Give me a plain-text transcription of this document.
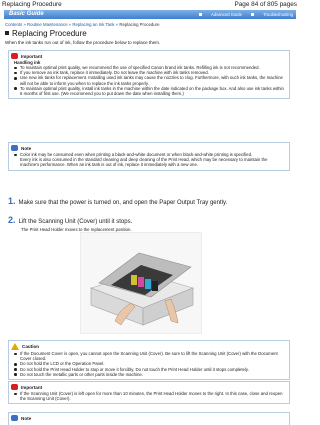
Replacing Procedure	Page 84 of 805 pages
Basic Guide	Advanced Guide	Troubleshooting
Contents » Routine Maintenance » Replacing an Ink Tank » Replacing Procedure
Replacing Procedure
When the ink tanks run out of ink, follow the procedure below to replace them.
Important
Handling ink
To maintain optimal print quality, we recommend the use of specified Canon brand ink tanks. Refilling ink is not recommended.
If you remove an ink tank, replace it immediately. Do not leave the machine with ink tanks removed.
Use new ink tanks for replacement. Installing used ink tanks may cause the nozzles to clog. Furthermore, with such ink tanks, the machine will not be able to inform you when to replace the ink tanks properly.
To maintain optimal print quality, install ink tanks in the machine within the date indicated on the package box. And also use ink tanks within 6 months of first use. (We recommend you to put down the date when installing them.)
Note
Color ink may be consumed even when printing a black-and-white document or when black-and-white printing is specified.
Every ink is also consumed in the standard cleaning and deep cleaning of the Print Head, which may be necessary to maintain the machine's performance. When an ink tank is out of ink, replace it immediately with a new one.
1. Make sure that the power is turned on, and open the Paper Output Tray gently.
2. Lift the Scanning Unit (Cover) until it stops.
The Print Head Holder moves to the replacement position.
Caution
If the Document Cover is open, you cannot open the Scanning Unit (Cover). Be sure to lift the Scanning Unit (Cover) with the Document Cover closed.
Do not hold the LCD or the Operation Panel.
Do not hold the Print Head Holder to stop or move it forcibly. Do not touch the Print Head Holder until it stops completely.
Do not touch the metallic parts or other parts inside the machine.
Important
If the Scanning Unit (Cover) is left open for more than 10 minutes, the Print Head Holder moves to the right. In this case, close and reopen the Scanning Unit (Cover).
Note
